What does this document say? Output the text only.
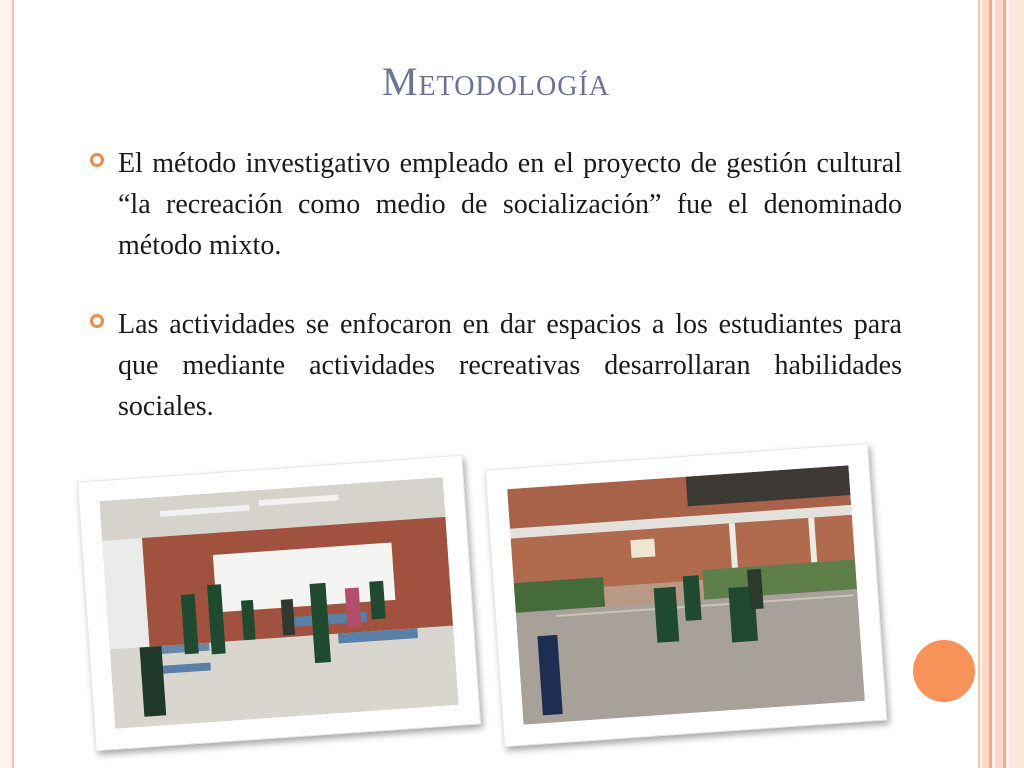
Metodología
El método investigativo empleado en el proyecto de gestión cultural “la recreación como medio de socialización” fue el denominado método mixto.
Las actividades se enfocaron en dar espacios a los estudiantes para que mediante actividades recreativas desarrollaran habilidades sociales.
